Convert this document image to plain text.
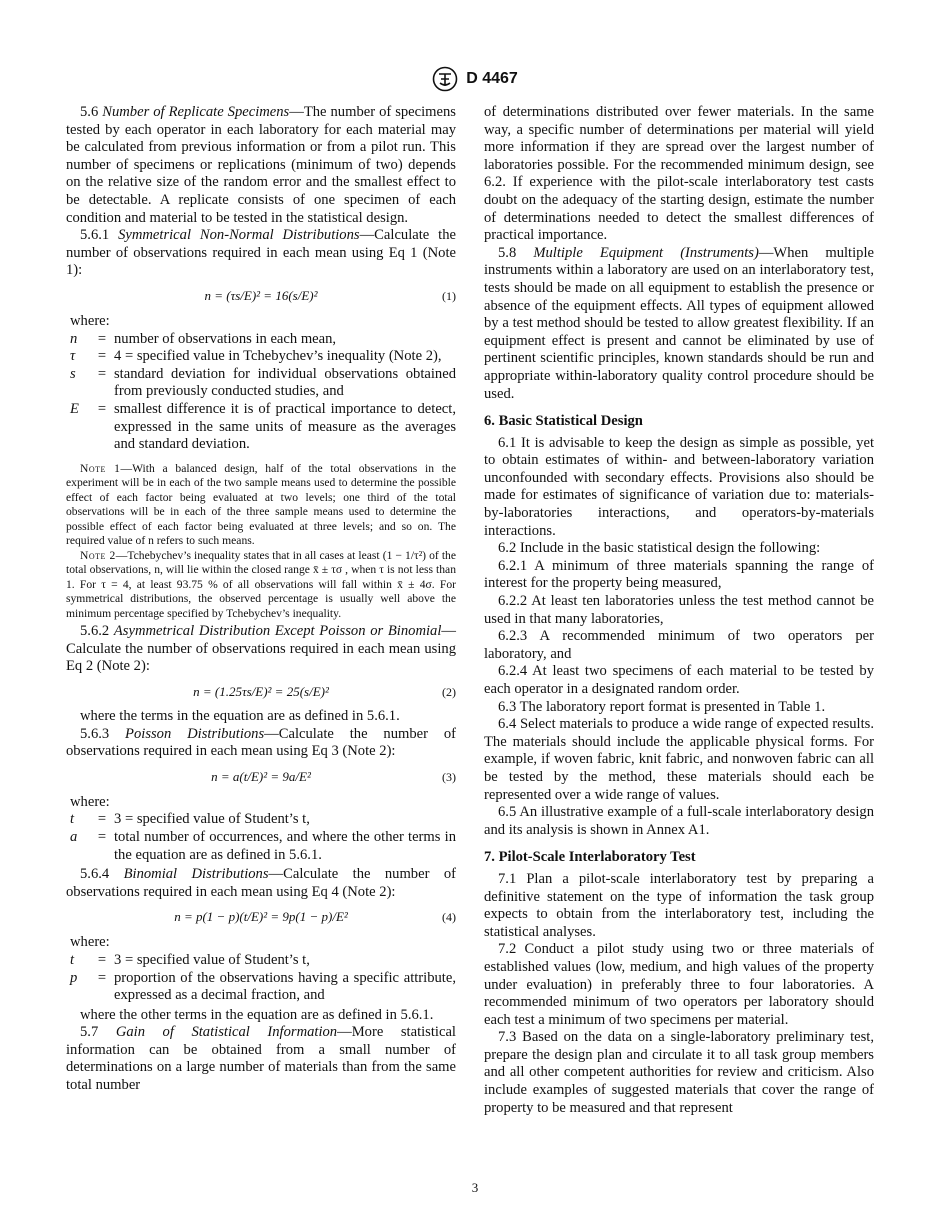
D 4467

5.6 Number of Replicate Specimens—The number of specimens tested by each operator in each laboratory for each material may be calculated from previous information or from a pilot run. This number of specimens or replications (minimum of two) depends on the relative size of the random error and the smallest effect to be detectable. A replicate consists of one specimen of each condition and material to be tested in the statistical design.

5.6.1 Symmetrical Non-Normal Distributions—Calculate the number of observations required in each mean using Eq 1 (Note 1):

n = (τs/E)² = 16(s/E)²	(1)

where:

n	= number of observations in each mean,
τ	= 4 = specified value in Tchebychev’s inequality (Note 2),
s	= standard deviation for individual observations obtained from previously conducted studies, and
E	= smallest difference it is of practical importance to detect, expressed in the same units of measure as the averages and standard deviation.

Note 1—With a balanced design, half of the total observations in the experiment will be in each of the two sample means used to determine the possible effect of each factor being evaluated at two levels; one third of the total observations will be in each of the three sample means used to determine the possible effect of each factor being evaluated at three levels; and so on. The required value of n refers to such means.

Note 2—Tchebychev’s inequality states that in all cases at least (1 − 1/τ²) of the total observations, n, will lie within the closed range x̄ ± τσ , when τ is not less than 1. For τ = 4, at least 93.75 % of all observations will fall within x̄ ± 4σ. For symmetrical distributions, the observed percentage is usually well above the minimum percentage specified by Tchebychev’s inequality.

5.6.2 Asymmetrical Distribution Except Poisson or Binomial—Calculate the number of observations required in each mean using Eq 2 (Note 2):

n = (1.25τs/E)² = 25(s/E)²	(2)

where the terms in the equation are as defined in 5.6.1.

5.6.3 Poisson Distributions—Calculate the number of observations required in each mean using Eq 3 (Note 2):

n = a(t/E)² = 9a/E²	(3)

where:

t	= 3 = specified value of Student’s t,
a	= total number of occurrences, and where the other terms in the equation are as defined in 5.6.1.

5.6.4 Binomial Distributions—Calculate the number of observations required in each mean using Eq 4 (Note 2):

n = p(1 − p)(t/E)² = 9p(1 − p)/E²	(4)

where:

t	= 3 = specified value of Student’s t,
p	= proportion of the observations having a specific attribute, expressed as a decimal fraction, and

where the other terms in the equation are as defined in 5.6.1.

5.7 Gain of Statistical Information—More statistical information can be obtained from a small number of determinations on a large number of materials than from the same total number

of determinations distributed over fewer materials. In the same way, a specific number of determinations per material will yield more information if they are spread over the largest number of laboratories possible. For the recommended minimum design, see 6.2. If experience with the pilot-scale interlaboratory test casts doubt on the adequacy of the starting design, estimate the number of determinations needed to detect the smallest differences of practical importance.

5.8 Multiple Equipment (Instruments)—When multiple instruments within a laboratory are used on an interlaboratory test, tests should be made on all equipment to establish the presence or absence of the equipment effects. All types of equipment allowed by a test method should be tested to allow greatest flexibility. If an equipment effect is present and cannot be eliminated by use of pertinent scientific principles, known standards should be run and appropriate within-laboratory quality control procedure should be used.

6. Basic Statistical Design

6.1 It is advisable to keep the design as simple as possible, yet to obtain estimates of within- and between-laboratory variation unconfounded with secondary effects. Provisions also should be made for estimates of significance of variation due to: materials-by-laboratories interactions, and operators-by-materials interactions.

6.2 Include in the basic statistical design the following:

6.2.1 A minimum of three materials spanning the range of interest for the property being measured,

6.2.2 At least ten laboratories unless the test method cannot be used in that many laboratories,

6.2.3 A recommended minimum of two operators per laboratory, and

6.2.4 At least two specimens of each material to be tested by each operator in a designated random order.

6.3 The laboratory report format is presented in Table 1.

6.4 Select materials to produce a wide range of expected results. The materials should include the applicable physical forms. For example, if woven fabric, knit fabric, and nonwoven fabric can all be tested by the method, these materials should each be represented over a wide range of values.

6.5 An illustrative example of a full-scale interlaboratory design and its analysis is shown in Annex A1.

7. Pilot-Scale Interlaboratory Test

7.1 Plan a pilot-scale interlaboratory test by preparing a definitive statement on the type of information the task group expects to obtain from the interlaboratory test, including the statistical analyses.

7.2 Conduct a pilot study using two or three materials of established values (low, medium, and high values of the property under evaluation) in preferably three to four laboratories. A recommended minimum of two operators per laboratory should each test a minimum of two specimens per material.

7.3 Based on the data on a single-laboratory preliminary test, prepare the design plan and circulate it to all task group members and all other competent authorities for review and criticism. Also include examples of suggested materials that cover the range of property to be measured and that represent

3
